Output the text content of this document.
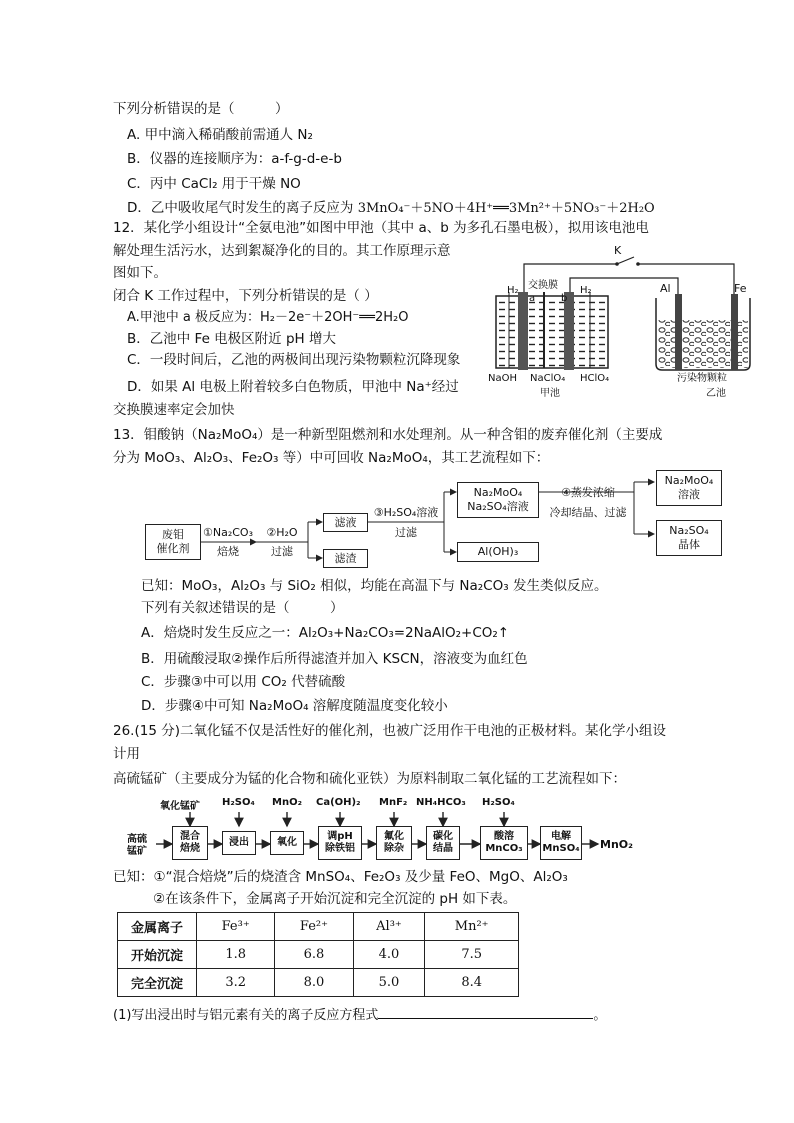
下列分析错误的是（　　　）
A. 甲中滴入稀硝酸前需通人 N₂
B．仪器的连接顺序为：a-f-g-d-e-b
C．丙中 CaCl₂ 用于干燥 NO
D．乙中吸收尾气时发生的离子反应为 3MnO₄⁻＋5NO＋4H⁺══3Mn²⁺＋5NO₃⁻＋2H₂O
12．某化学小组设计“全氨电池”如图中甲池（其中 a、b 为多孔石墨电极），拟用该电池电
解处理生活污水，达到絮凝净化的目的。其工作原理示意
图如下。
闭合 K 工作过程中，下列分析错误的是（ ）
A.甲池中 a 极反应为：H₂－2e⁻＋2OH⁻══2H₂O
B．乙池中 Fe 电极区附近 pH 增大
C．一段时间后，乙池的两极间出现污染物颗粒沉降现象
D．如果 Al 电极上附着较多白色物质，甲池中 Na⁺经过
交换膜速率定会加快
K
交换膜
H₂	H₂
a	b
Al	Fe
NaOH NaClO₄ HClO₄
甲池
污染物颗粒
乙池
13．钼酸钠（Na₂MoO₄）是一种新型阻燃剂和水处理剂。从一种含钼的废弃催化剂（主要成
分为 MoO₃、Al₂O₃、Fe₂O₃ 等）中可回收 Na₂MoO₄，其工艺流程如下：
废钼
催化剂
①Na₂CO₃
焙烧
②H₂O
过滤
滤液
滤渣
③H₂SO₄溶液
过滤
Na₂MoO₄
Na₂SO₄溶液
Al(OH)₃
④蒸发浓缩
冷却结晶、过滤
Na₂MoO₄
溶液
Na₂SO₄
晶体
已知：MoO₃，Al₂O₃ 与 SiO₂ 相似，均能在高温下与 Na₂CO₃ 发生类似反应。
下列有关叙述错误的是（　　　）
A．焙烧时发生反应之一：Al₂O₃+Na₂CO₃=2NaAlO₂+CO₂↑
B．用硫酸浸取②操作后所得滤渣并加入 KSCN，溶液变为血红色
C．步骤③中可以用 CO₂ 代替硫酸
D．步骤④中可知 Na₂MoO₄ 溶解度随温度变化较小
26.(15 分)二氧化锰不仅是活性好的催化剂，也被广泛用作干电池的正极材料。某化学小组设
计用
高硫锰矿（主要成分为锰的化合物和硫化亚铁）为原料制取二氧化锰的工艺流程如下：
高硫
锰矿
氧化锰矿 H₂SO₄ MnO₂ Ca(OH)₂ MnF₂ NH₄HCO₃ H₂SO₄
混合
焙烧
浸出	氧化
调pH
除铁铝
氟化
除杂
碳化
结晶
酸溶
MnCO₃
电解
MnSO₄ MnO₂
已知：①“混合焙烧”后的烧渣含 MnSO₄、Fe₂O₃ 及少量 FeO、MgO、Al₂O₃
②在该条件下，金属离子开始沉淀和完全沉淀的 pH 如下表。
金属离子	Fe³⁺	Fe²⁺	Al³⁺	Mn²⁺
开始沉淀	1.8	6.8	4.0	7.5
完全沉淀	3.2	8.0	5.0	8.4
(1)写出浸出时与铝元素有关的离子反应方程式	。
